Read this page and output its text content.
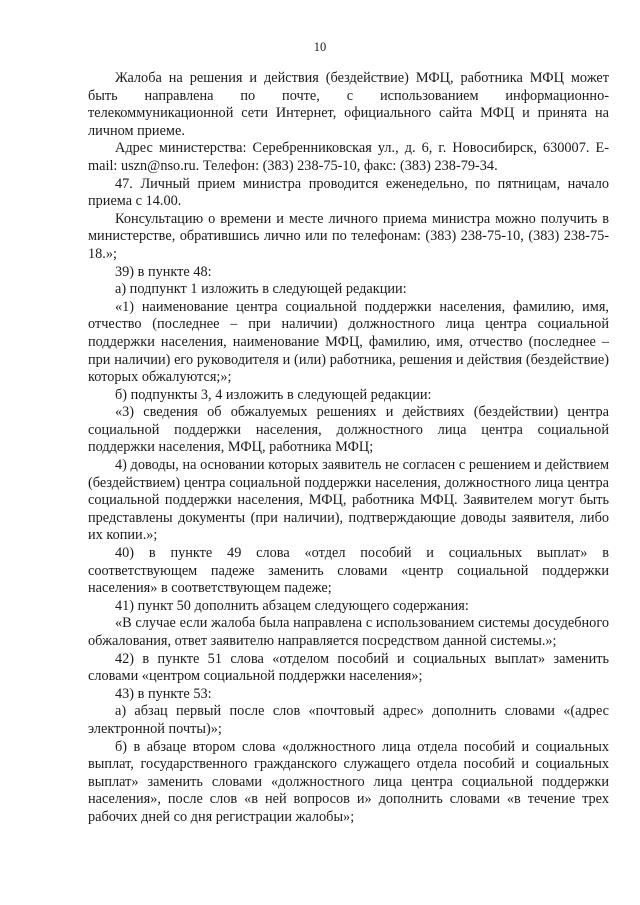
10

Жалоба на решения и действия (бездействие) МФЦ, работника МФЦ может быть направлена по почте, с использованием информационно-телекоммуникационной сети Интернет, официального сайта МФЦ и принята на личном приеме.

Адрес министерства: Серебренниковская ул., д. 6, г. Новосибирск, 630007. E-mail: uszn@nso.ru. Телефон: (383) 238-75-10, факс: (383) 238-79-34.

47. Личный прием министра проводится еженедельно, по пятницам, начало приема с 14.00.

Консультацию о времени и месте личного приема министра можно получить в министерстве, обратившись лично или по телефонам: (383) 238-75-10, (383) 238-75-18.»;

39) в пункте 48:

а) подпункт 1 изложить в следующей редакции:

«1) наименование центра социальной поддержки населения, фамилию, имя, отчество (последнее – при наличии) должностного лица центра социальной поддержки населения, наименование МФЦ, фамилию, имя, отчество (последнее – при наличии) его руководителя и (или) работника, решения и действия (бездействие) которых обжалуются;»;

б) подпункты 3, 4 изложить в следующей редакции:

«3) сведения об обжалуемых решениях и действиях (бездействии) центра социальной поддержки населения, должностного лица центра социальной поддержки населения, МФЦ, работника МФЦ;

4) доводы, на основании которых заявитель не согласен с решением и действием (бездействием) центра социальной поддержки населения, должностного лица центра социальной поддержки населения, МФЦ, работника МФЦ. Заявителем могут быть представлены документы (при наличии), подтверждающие доводы заявителя, либо их копии.»;

40) в пункте 49 слова «отдел пособий и социальных выплат» в соответствующем падеже заменить словами «центр социальной поддержки населения» в соответствующем падеже;

41) пункт 50 дополнить абзацем следующего содержания:

«В случае если жалоба была направлена с использованием системы досудебного обжалования, ответ заявителю направляется посредством данной системы.»;

42) в пункте 51 слова «отделом пособий и социальных выплат» заменить словами «центром социальной поддержки населения»;

43) в пункте 53:

а) абзац первый после слов «почтовый адрес» дополнить словами «(адрес электронной почты)»;

б) в абзаце втором слова «должностного лица отдела пособий и социальных выплат, государственного гражданского служащего отдела пособий и социальных выплат» заменить словами «должностного лица центра социальной поддержки населения», после слов «в ней вопросов и» дополнить словами «в течение трех рабочих дней со дня регистрации жалобы»;
